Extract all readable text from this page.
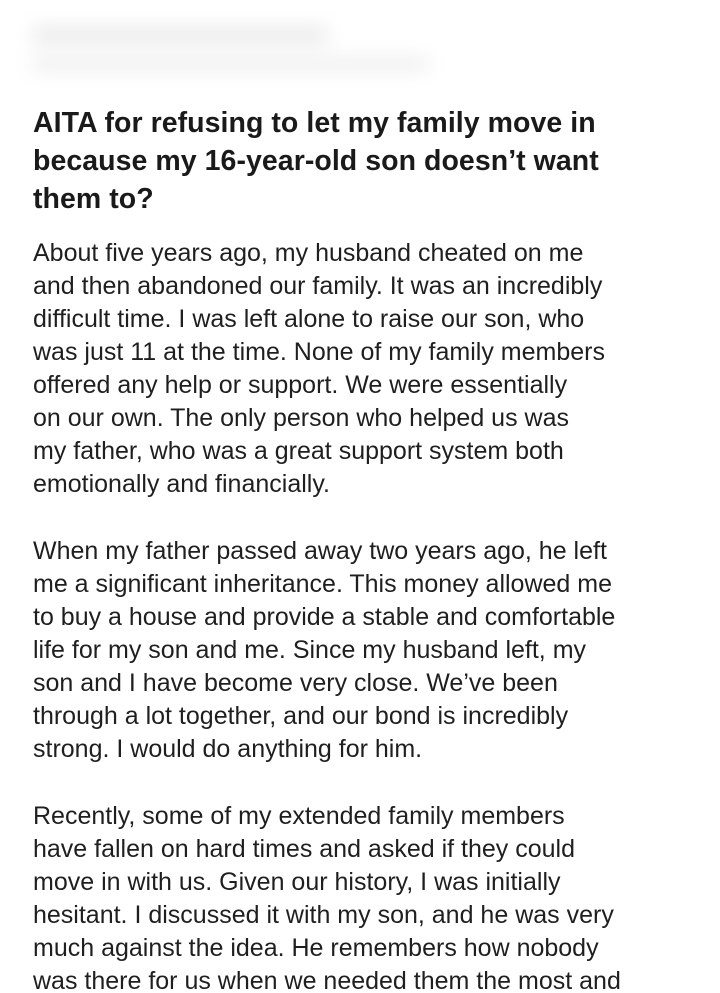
AITA for refusing to let my family move in
because my 16-year-old son doesn’t want
them to?

About five years ago, my husband cheated on me
and then abandoned our family. It was an incredibly
difficult time. I was left alone to raise our son, who
was just 11 at the time. None of my family members
offered any help or support. We were essentially
on our own. The only person who helped us was
my father, who was a great support system both
emotionally and financially.

When my father passed away two years ago, he left
me a significant inheritance. This money allowed me
to buy a house and provide a stable and comfortable
life for my son and me. Since my husband left, my
son and I have become very close. We’ve been
through a lot together, and our bond is incredibly
strong. I would do anything for him.

Recently, some of my extended family members
have fallen on hard times and asked if they could
move in with us. Given our history, I was initially
hesitant. I discussed it with my son, and he was very
much against the idea. He remembers how nobody
was there for us when we needed them the most and
